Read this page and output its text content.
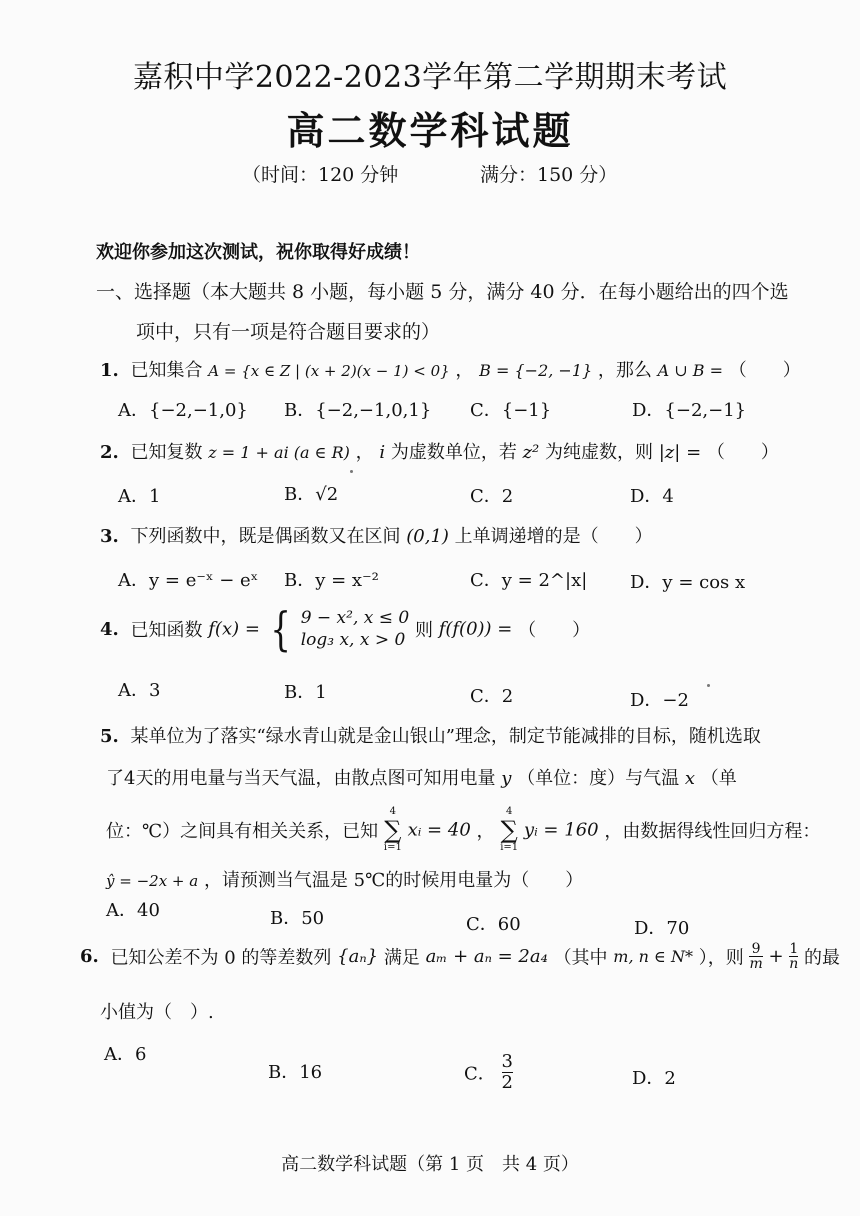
嘉积中学2022-2023学年第二学期期末考试
高二数学科试题
（时间：120 分钟	满分：150 分）
欢迎你参加这次测试，祝你取得好成绩！
一、选择题（本大题共 8 小题，每小题 5 分，满分 40 分．在每小题给出的四个选
项中，只有一项是符合题目要求的）
1. 已知集合 A = {x ∈ Z | (x + 2)(x − 1) < 0} ， B = {−2, −1} ，那么 A ∪ B = （　　）
A．{−2,−1,0} B．{−2,−1,0,1} C．{−1}	D．{−2,−1}
2. 已知复数 z = 1 + ai (a ∈ R) ， i 为虚数单位，若 z² 为纯虚数，则 |z| = （　　）
A．1	B．√2	C．2	D．4
3. 下列函数中，既是偶函数又在区间 (0,1) 上单调递增的是（　　）
A．y = e⁻ˣ − eˣ B．y = x⁻²	C．y = 2^|x| D．y = cos x
4. 已知函数 f(x) = { 9 − x², x ≤ 0
log₃ x, x > 0 则 f(f(0)) = （　　）
A．3	B．1	C．2	D．−2
5. 某单位为了落实“绿水青山就是金山银山”理念，制定节能减排的目标，随机选取
了4天的用电量与当天气温，由散点图可知用电量 y （单位：度）与气温 x （单
位：℃）之间具有相关关系，已知
4
∑
i=1
xᵢ = 40 ，
4
∑
i=1
yᵢ = 160 ，由数据得线性回归方程：
ŷ = −2x + a ，请预测当气温是 5℃的时候用电量为（　　）
A．40	B．50	C．60	D．70
6. 已知公差不为 0 的等差数列 {aₙ} 满足 aₘ + aₙ = 2a₄ （其中 m, n ∈ N* ），则 $\frac{9}{m} + \frac{1}{n}$ 的最
小值为（　）.
A．6
B．16	C． $\frac{3}{2}$	D．2
高二数学科试题（第 1 页　共 4 页）
